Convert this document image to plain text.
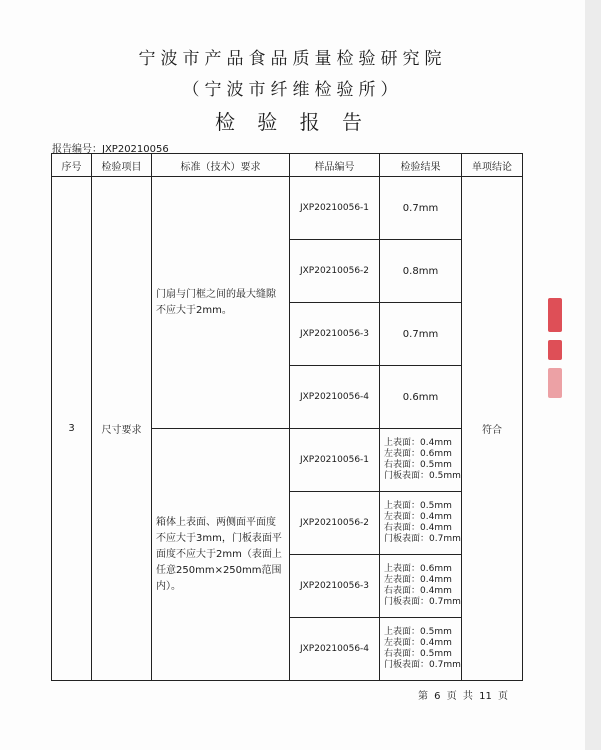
宁波市产品食品质量检验研究院
（宁波市纤维检验所）
检 验 报 告
报告编号：JXP20210056
序号	检验项目	标准（技术）要求	样品编号	检验结果	单项结论
3	尺寸要求	门扇与门框之间的最大缝隙不应大于2mm。	JXP20210056-1	0.7mm	符合
			JXP20210056-2	0.8mm	
			JXP20210056-3	0.7mm	
			JXP20210056-4	0.6mm	
		箱体上表面、两侧面平面度不应大于3mm，门板表面平面度不应大于2mm（表面上任意250mm×250mm范围内）。	JXP20210056-1	上表面：0.4mm
左表面：0.6mm
右表面：0.5mm
门板表面：0.5mm	

			JXP20210056-2	上表面：0.5mm
左表面：0.4mm
右表面：0.4mm
门板表面：0.7mm	

			JXP20210056-3	上表面：0.6mm
左表面：0.4mm
右表面：0.4mm
门板表面：0.7mm	

			JXP20210056-4	上表面：0.5mm
左表面：0.4mm
右表面：0.5mm
门板表面：0.7mm	
第 6 页 共 11 页
